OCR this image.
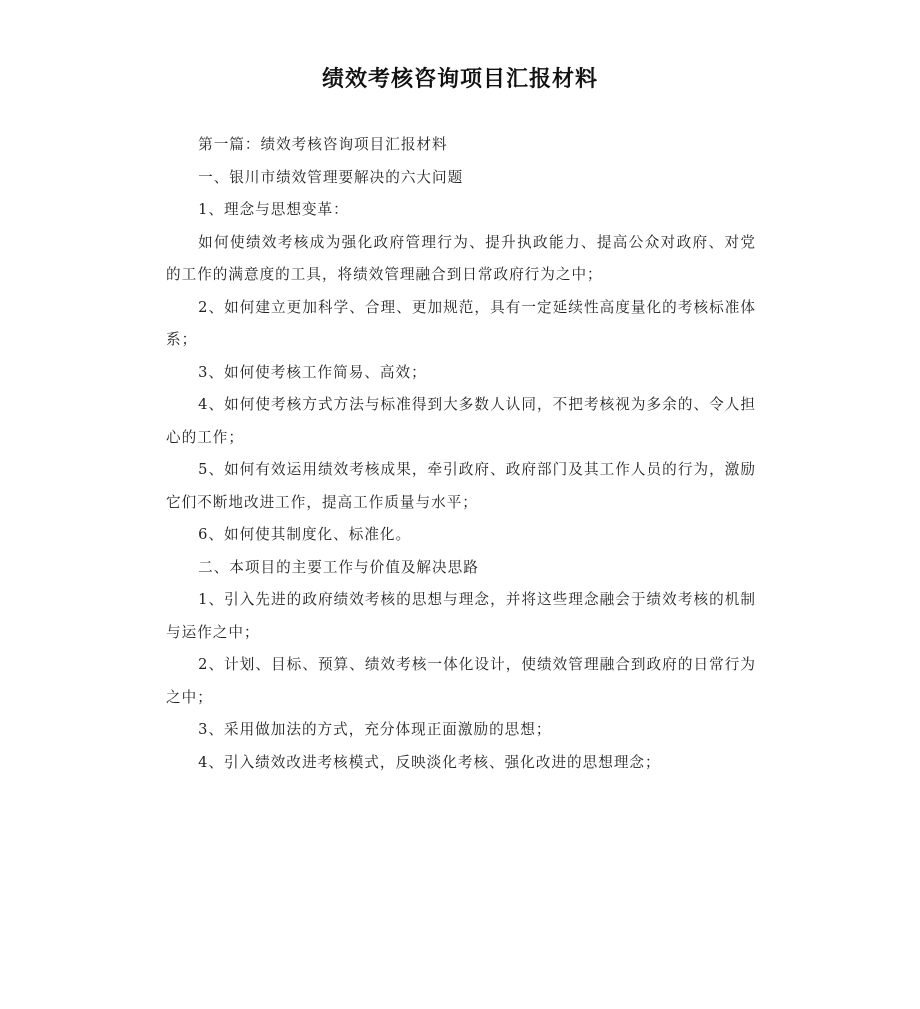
绩效考核咨询项目汇报材料

第一篇：绩效考核咨询项目汇报材料

一、银川市绩效管理要解决的六大问题

1、理念与思想变革：

如何使绩效考核成为强化政府管理行为、提升执政能力、提高公众对政府、对党的工作的满意度的工具，将绩效管理融合到日常政府行为之中；

2、如何建立更加科学、合理、更加规范，具有一定延续性高度量化的考核标准体系；

3、如何使考核工作简易、高效；

4、如何使考核方式方法与标准得到大多数人认同，不把考核视为多余的、令人担心的工作；

5、如何有效运用绩效考核成果，牵引政府、政府部门及其工作人员的行为，激励它们不断地改进工作，提高工作质量与水平；

6、如何使其制度化、标准化。

二、本项目的主要工作与价值及解决思路

1、引入先进的政府绩效考核的思想与理念，并将这些理念融会于绩效考核的机制与运作之中；

2、计划、目标、预算、绩效考核一体化设计，使绩效管理融合到政府的日常行为之中；

3、采用做加法的方式，充分体现正面激励的思想；

4、引入绩效改进考核模式，反映淡化考核、强化改进的思想理念；
